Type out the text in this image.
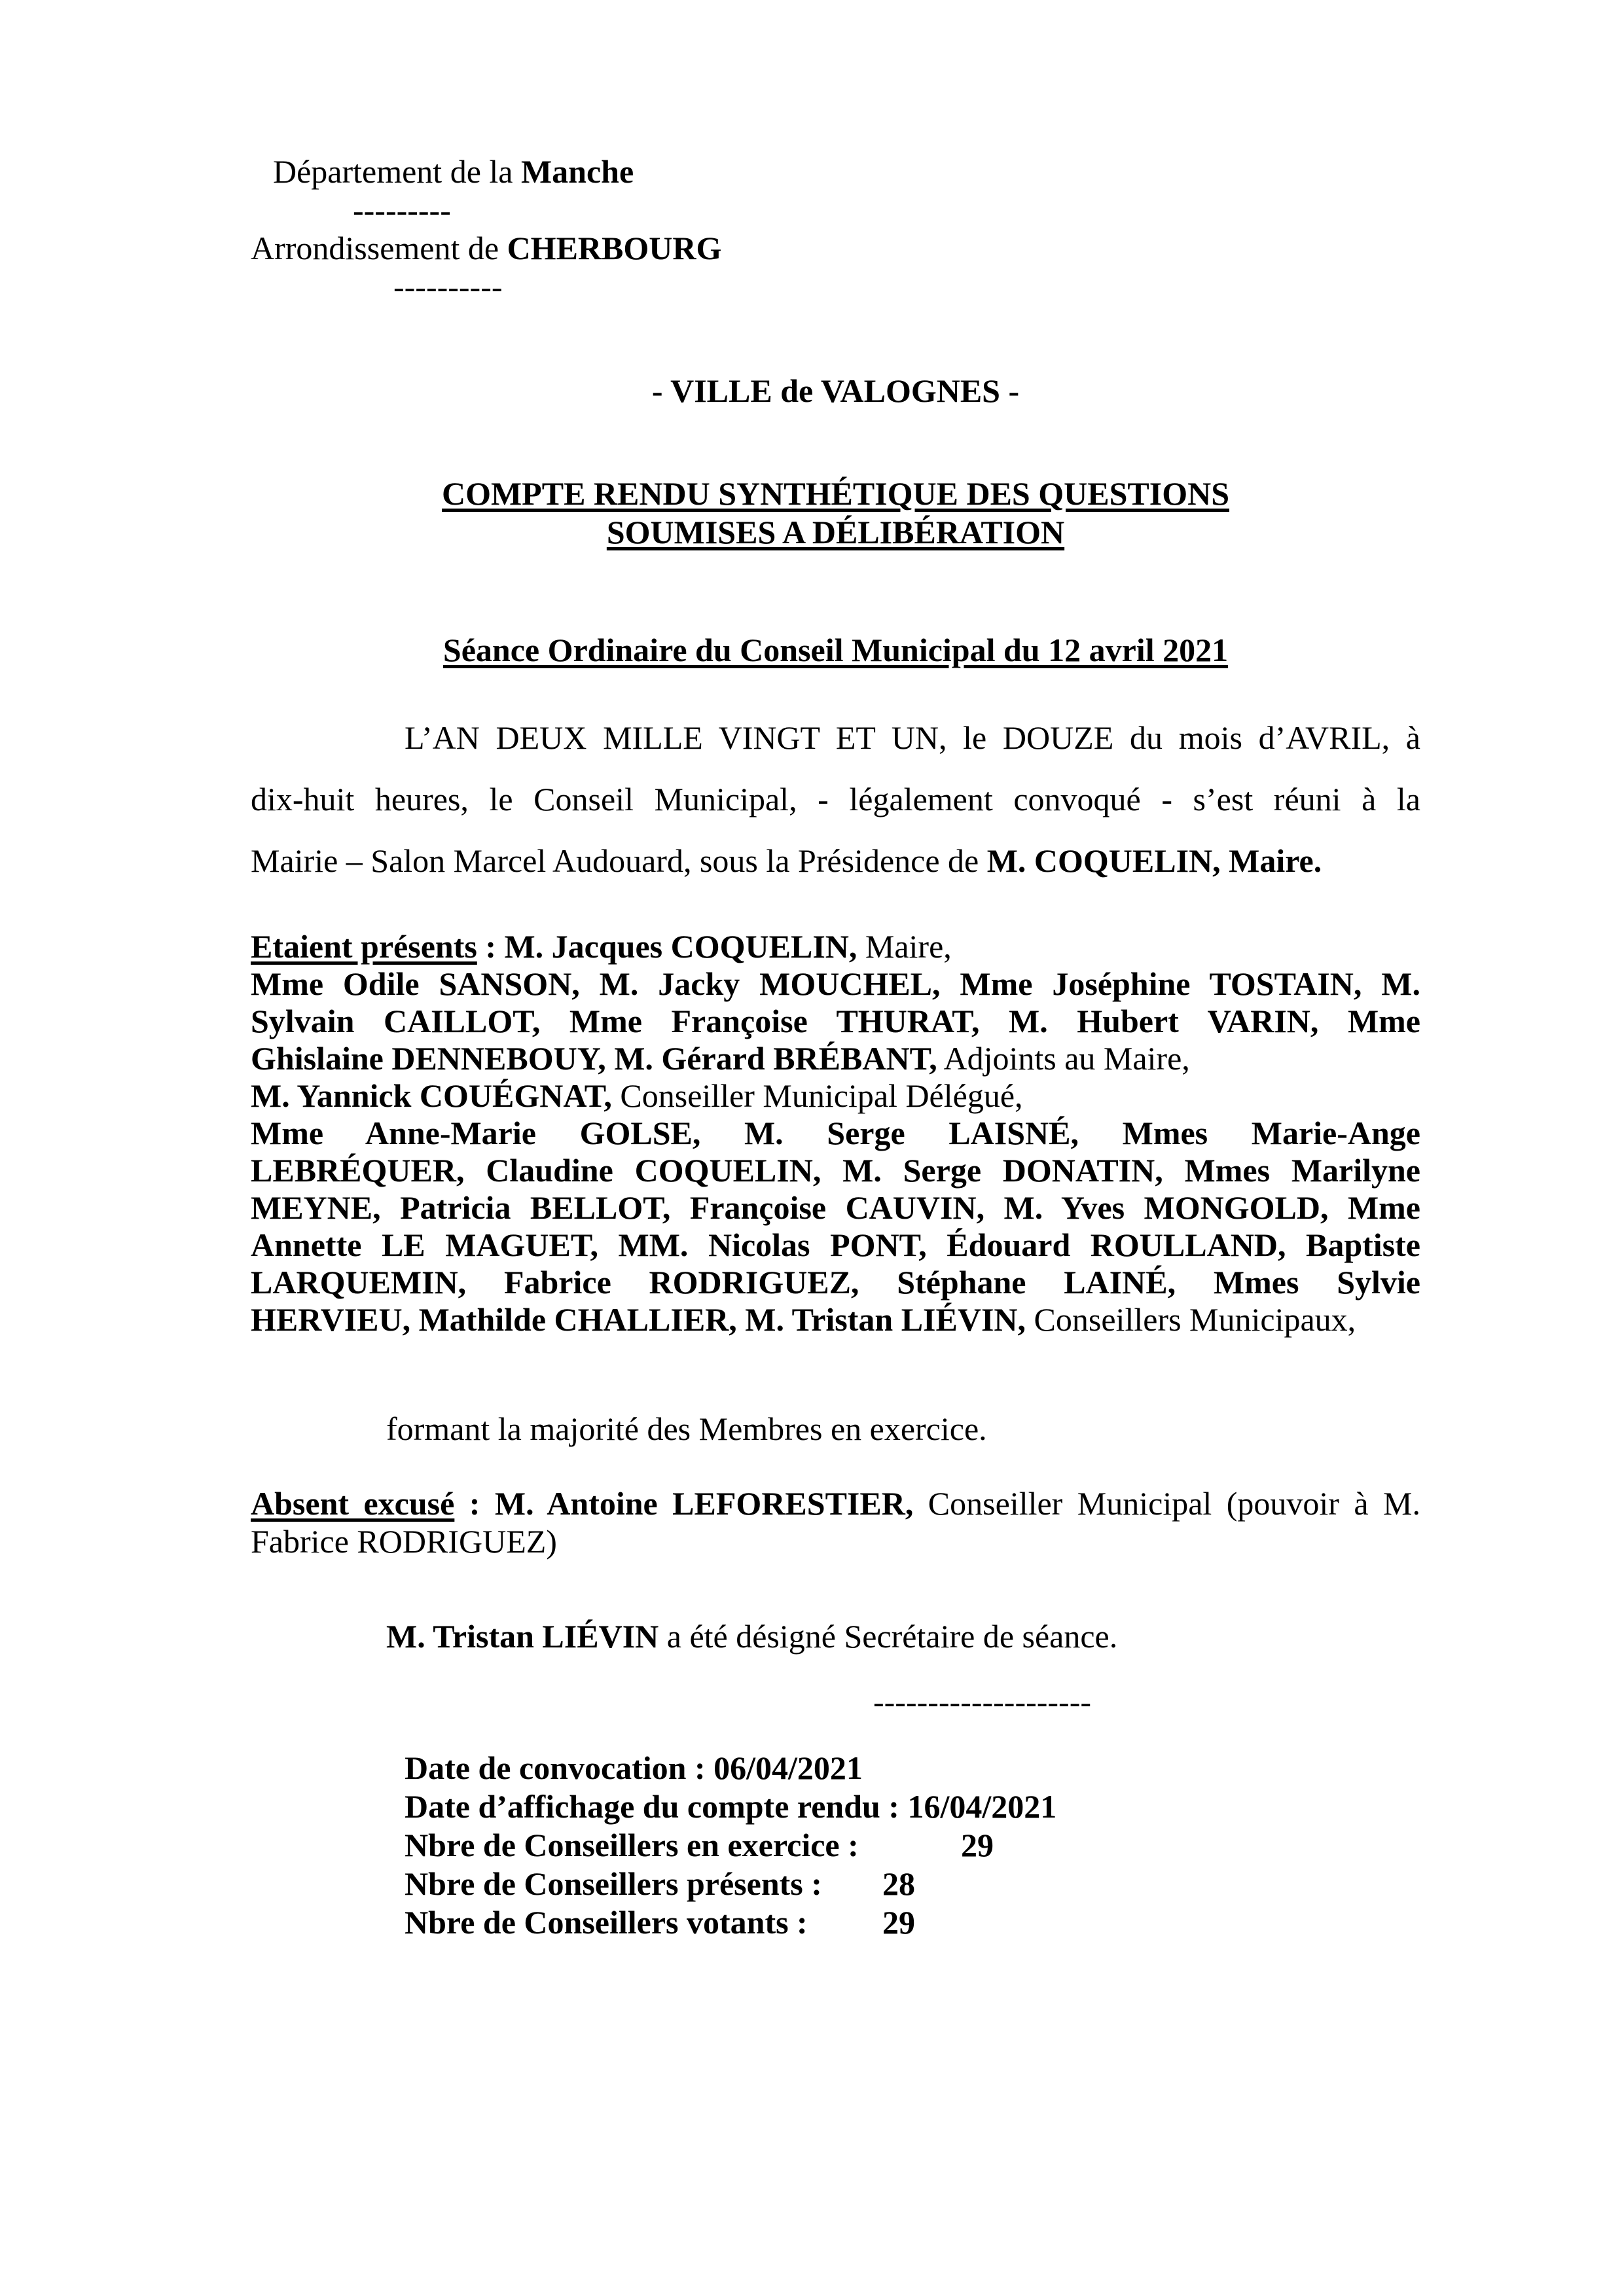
Département de la Manche
---------
Arrondissement de CHERBOURG
----------
- VILLE de VALOGNES -
COMPTE RENDU SYNTHÉTIQUE DES QUESTIONS
SOUMISES A DÉLIBÉRATION
Séance Ordinaire du Conseil Municipal du 12 avril 2021
L’AN DEUX MILLE VINGT ET UN, le DOUZE du mois d’AVRIL, à
dix-huit heures, le Conseil Municipal, - légalement convoqué - s’est réuni à la
Mairie – Salon Marcel Audouard, sous la Présidence de M. COQUELIN, Maire.
Etaient présents : M. Jacques COQUELIN, Maire,
Mme Odile SANSON, M. Jacky MOUCHEL, Mme Joséphine TOSTAIN, M.
Sylvain CAILLOT, Mme Françoise THURAT, M. Hubert VARIN, Mme
Ghislaine DENNEBOUY, M. Gérard BRÉBANT, Adjoints au Maire,
M. Yannick COUÉGNAT, Conseiller Municipal Délégué,
Mme Anne-Marie GOLSE, M. Serge LAISNÉ, Mmes Marie-Ange
LEBRÉQUER, Claudine COQUELIN, M. Serge DONATIN, Mmes Marilyne
MEYNE, Patricia BELLOT, Françoise CAUVIN, M. Yves MONGOLD, Mme
Annette LE MAGUET, MM. Nicolas PONT, Édouard ROULLAND, Baptiste
LARQUEMIN, Fabrice RODRIGUEZ, Stéphane LAINÉ, Mmes Sylvie
HERVIEU, Mathilde CHALLIER, M. Tristan LIÉVIN, Conseillers Municipaux,
formant la majorité des Membres en exercice.
Absent excusé : M. Antoine LEFORESTIER, Conseiller Municipal (pouvoir à M.
Fabrice RODRIGUEZ)
M. Tristan LIÉVIN a été désigné Secrétaire de séance.
--------------------
Date de convocation : 06/04/2021
Date d’affichage du compte rendu : 16/04/2021
Nbre de Conseillers en exercice :	29
Nbre de Conseillers présents : 28
Nbre de Conseillers votants : 29
